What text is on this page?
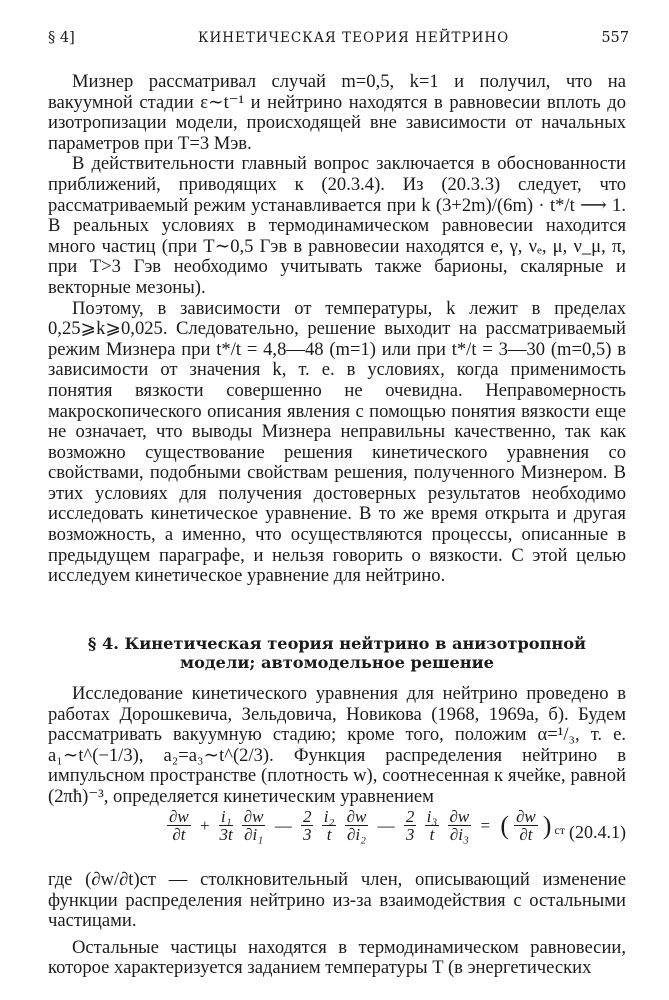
§ 4]	КИНЕТИЧЕСКАЯ ТЕОРИЯ НЕЙТРИНО	557

Мизнер рассматривал случай m=0,5, k=1 и получил, что на вакуумной стадии ε∼t⁻¹ и нейтрино находятся в равновесии вплоть до изотропизации модели, происходящей вне зависимости от начальных параметров при T=3 Мэв.

В действительности главный вопрос заключается в обоснованности приближений, приводящих к (20.3.4). Из (20.3.3) следует, что рассматриваемый режим устанавливается при k (3+2m)/(6m) · t*/t ⟶ 1. В реальных условиях в термодинамическом равновесии находится много частиц (при T∼0,5 Гэв в равновесии находятся e, γ, νₑ, μ, ν_μ, π, при T>3 Гэв необходимо учитывать также барионы, скалярные и векторные мезоны).

Поэтому, в зависимости от температуры, k лежит в пределах 0,25⩾k⩾0,025. Следовательно, решение выходит на рассматриваемый режим Мизнера при t*/t = 4,8—48 (m=1) или при t*/t = 3—30 (m=0,5) в зависимости от значения k, т. е. в условиях, когда применимость понятия вязкости совершенно не очевидна. Неправомерность макроскопического описания явления с помощью понятия вязкости еще не означает, что выводы Мизнера неправильны качественно, так как возможно существование решения кинетического уравнения со свойствами, подобными свойствам решения, полученного Мизнером. В этих условиях для получения достоверных результатов необходимо исследовать кинетическое уравнение. В то же время открыта и другая возможность, а именно, что осуществляются процессы, описанные в предыдущем параграфе, и нельзя говорить о вязкости. С этой целью исследуем кинетическое уравнение для нейтрино.

§ 4. Кинетическая теория нейтрино в анизотропной
модели; автомодельное решение

Исследование кинетического уравнения для нейтрино проведено в работах Дорошкевича, Зельдовича, Новикова (1968, 1969а, б). Будем рассматривать вакуумную стадию; кроме того, положим α=¹/₃, т. е. a₁∼t^(−1/3), a₂=a₃∼t^(2/3). Функция распределения нейтрино в импульсном пространстве (плотность w), соотнесенная к ячейке, равной (2πħ)⁻³, определяется кинетическим уравнением

$\frac{\partial w}{\partial t} + \frac{\text{i₁}}{3t}$
$\frac{\partial w}{\text{∂i₁}}$ — $\frac{2}{3}$
$\frac{\text{i₂}}{t}$
$\frac{\partial w}{\text{∂i₂}}$ — $\frac{2}{3}$
$\frac{\text{i₃}}{t}$
$\frac{\partial w}{\text{∂i₃}}$ = ( $\frac{\partial w}{\partial t}$ ) $_{ст}$ (20.4.1)

где (∂w/∂t)ст — столкновительный член, описывающий изменение функции распределения нейтрино из-за взаимодействия с остальными частицами.

Остальные частицы находятся в термодинамическом равновесии, которое характеризуется заданием температуры T (в энергетических
